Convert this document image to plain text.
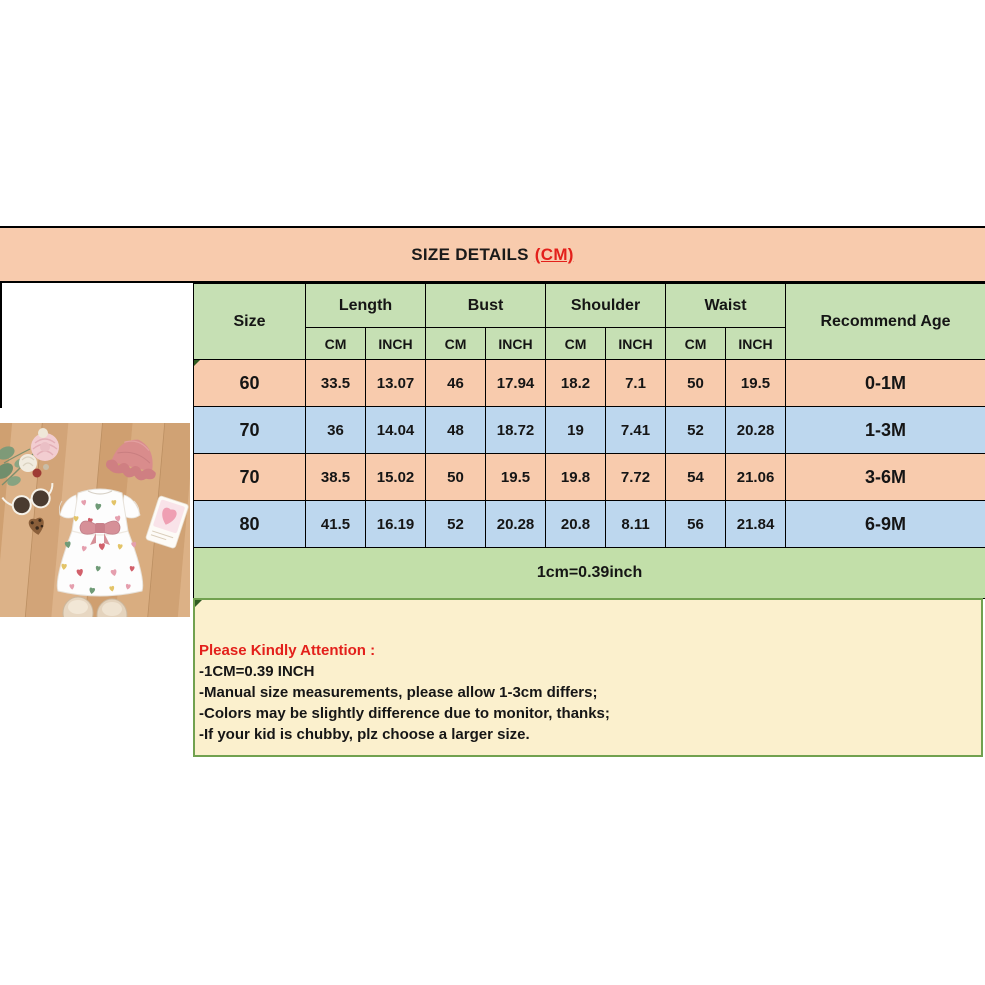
SIZE DETAILS (CM)
Size	Length		Bust		Shoulder		Waist		Recommend Age
	CM	INCH	CM	INCH	CM	INCH	CM	INCH	
60	33.5	13.07	46	17.94	18.2	7.1	50	19.5	0-1M
70	36	14.04	48	18.72	19	7.41	52	20.28	1-3M
70	38.5	15.02	50	19.5	19.8	7.72	54	21.06	3-6M
80	41.5	16.19	52	20.28	20.8	8.11	56	21.84	6-9M
1cm=0.39inch									
Please Kindly Attention :
-1CM=0.39 INCH
-Manual size measurements, please allow 1-3cm differs;
-Colors may be slightly difference due to monitor, thanks;
-If your kid is chubby, plz choose a larger size.
